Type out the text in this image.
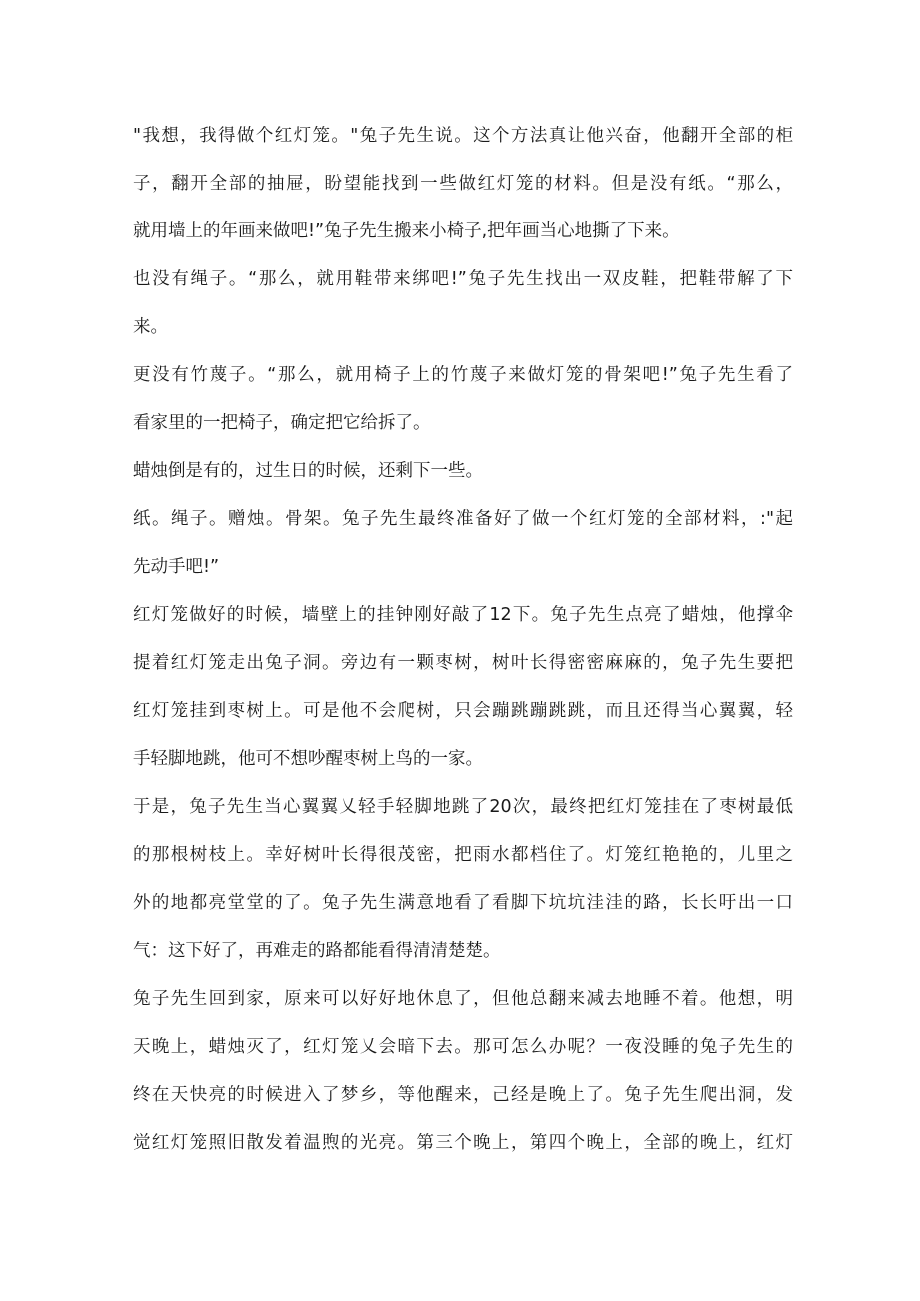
"我想，我得做个红灯笼。"兔子先生说。这个方法真让他兴奋，他翻开全部的柜
子，翻开全部的抽屉，盼望能找到一些做红灯笼的材料。但是没有纸。“那么，
就用墙上的年画来做吧!”兔子先生搬来小椅子,把年画当心地撕了下来。
也没有绳子。“那么，就用鞋带来绑吧!”兔子先生找出一双皮鞋，把鞋带解了下
来。
更没有竹蔑子。“那么，就用椅子上的竹蔑子来做灯笼的骨架吧!”兔子先生看了
看家里的一把椅子，确定把它给拆了。
蜡烛倒是有的，过生日的时候，还剩下一些。
纸。绳子。赠烛。骨架。兔子先生最终准备好了做一个红灯笼的全部材料，:"起
先动手吧!”
红灯笼做好的时候，墙壁上的挂钟刚好敲了12下。兔子先生点亮了蜡烛，他撑伞
提着红灯笼走出兔子洞。旁边有一颗枣树，树叶长得密密麻麻的，兔子先生要把
红灯笼挂到枣树上。可是他不会爬树，只会蹦跳蹦跳跳，而且还得当心翼翼，轻
手轻脚地跳，他可不想吵醒枣树上鸟的一家。
于是，兔子先生当心翼翼乂轻手轻脚地跳了20次，最终把红灯笼挂在了枣树最低
的那根树枝上。幸好树叶长得很茂密，把雨水都档住了。灯笼红艳艳的，儿里之
外的地都亮堂堂的了。兔子先生满意地看了看脚下坑坑洼洼的路，长长吁出一口
气：这下好了，再难走的路都能看得清清楚楚。
兔子先生回到家，原来可以好好地休息了，但他总翻来减去地睡不着。他想，明
天晚上，蜡烛灭了，红灯笼乂会暗下去。那可怎么办呢？一夜没睡的兔子先生的
终在天快亮的时候进入了梦乡，等他醒来，己经是晚上了。兔子先生爬出洞，发
觉红灯笼照旧散发着温煦的光亮。第三个晚上，第四个晚上，全部的晚上，红灯
